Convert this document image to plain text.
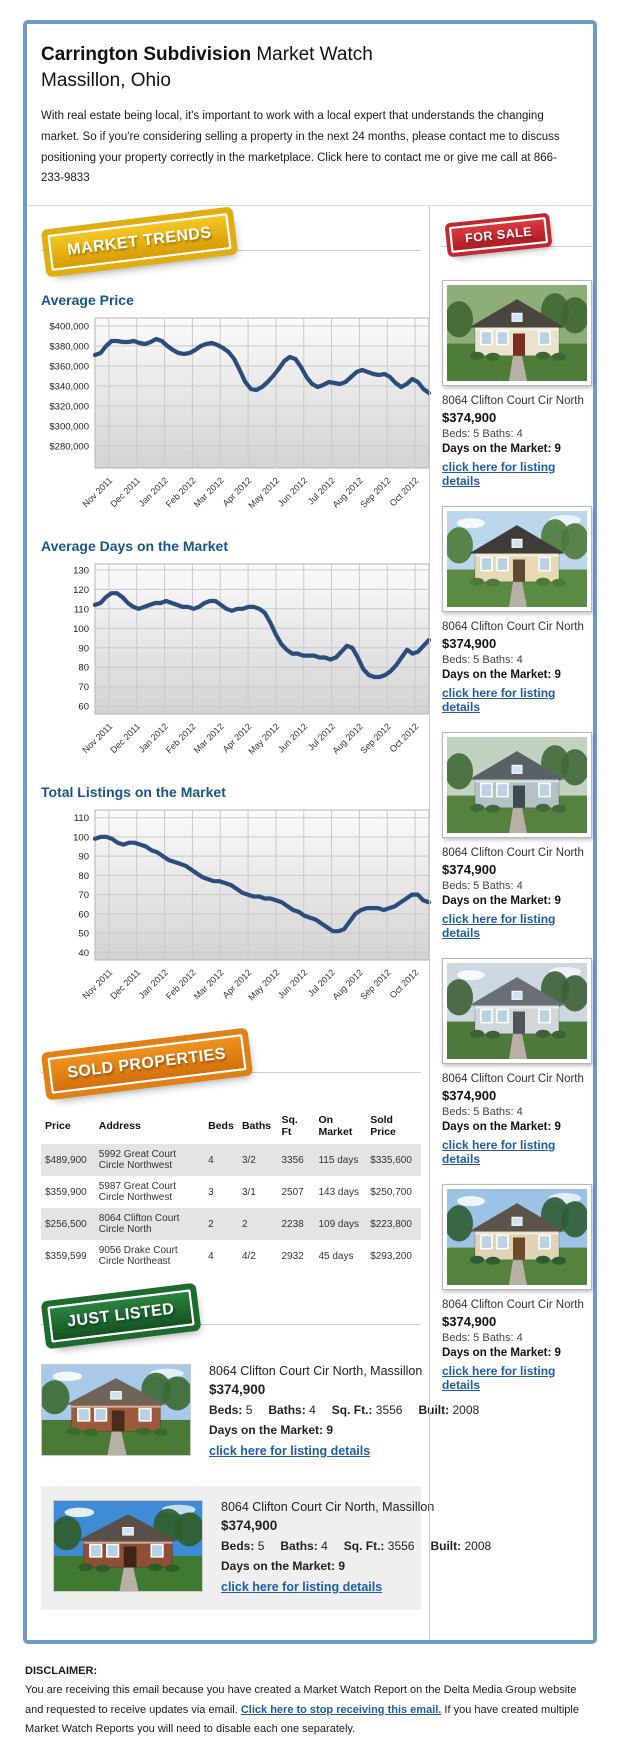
Carrington Subdivision Market Watch
Massillon, Ohio

With real estate being local, it's important to work with a local expert that understands the changing market. So if you're considering selling a property in the next 24 months, please contact me to discuss positioning your property correctly in the marketplace. Click here to contact me or give me call at 866-233-9833

MARKET TRENDS
Average Price
$280,000
$300,000
$320,000
$340,000
$360,000
$380,000
$400,000
Nov 2011
Dec 2011
Jan 2012
Feb 2012
Mar 2012
Apr 2012
May 2012
Jun 2012
Jul 2012
Aug 2012
Sep 2012
Oct 2012
Average Days on the Market
60
70
80
90
100
110
120
130
Nov 2011
Dec 2011
Jan 2012
Feb 2012
Mar 2012
Apr 2012
May 2012
Jun 2012
Jul 2012
Aug 2012
Sep 2012
Oct 2012
Total Listings on the Market
40
50
60
70
80
90
100
110
Nov 2011
Dec 2011
Jan 2012
Feb 2012
Mar 2012
Apr 2012
May 2012
Jun 2012
Jul 2012
Aug 2012
Sep 2012
Oct 2012
SOLD PROPERTIES
Price	Address	Beds	Baths	Sq. Ft	On Market	Sold Price
$489,900	5992 Great Court Circle Northwest	4	3/2	3356	115 days	$335,600
$359,900	5987 Great Court Circle Northwest	3	3/1	2507	143 days	$250,700
$256,500	8064 Clifton Court Circle North	2	2	2238	109 days	$223,800
$359,599	9056 Drake Court Circle Northeast	4	4/2	2932	45 days	$293,200
JUST LISTED
8064 Clifton Court Cir North, Massillon
$374,900
Beds: 5 Baths: 4 Sq. Ft.: 3556 Built: 2008
Days on the Market: 9
click here for listing details
8064 Clifton Court Cir North, Massillon
$374,900
Beds: 5 Baths: 4 Sq. Ft.: 3556 Built: 2008
Days on the Market: 9
click here for listing details
FOR SALE
8064 Clifton Court Cir North
$374,900
Beds: 5 Baths: 4
Days on the Market: 9
click here for listing details
8064 Clifton Court Cir North
$374,900
Beds: 5 Baths: 4
Days on the Market: 9
click here for listing details
8064 Clifton Court Cir North
$374,900
Beds: 5 Baths: 4
Days on the Market: 9
click here for listing details
8064 Clifton Court Cir North
$374,900
Beds: 5 Baths: 4
Days on the Market: 9
click here for listing details
8064 Clifton Court Cir North
$374,900
Beds: 5 Baths: 4
Days on the Market: 9
click here for listing details
DISCLAIMER:
You are receiving this email because you have created a Market Watch Report on the Delta Media Group website and requested to receive updates via email. Click here to stop receiving this email. If you have created multiple Market Watch Reports you will need to disable each one separately.
